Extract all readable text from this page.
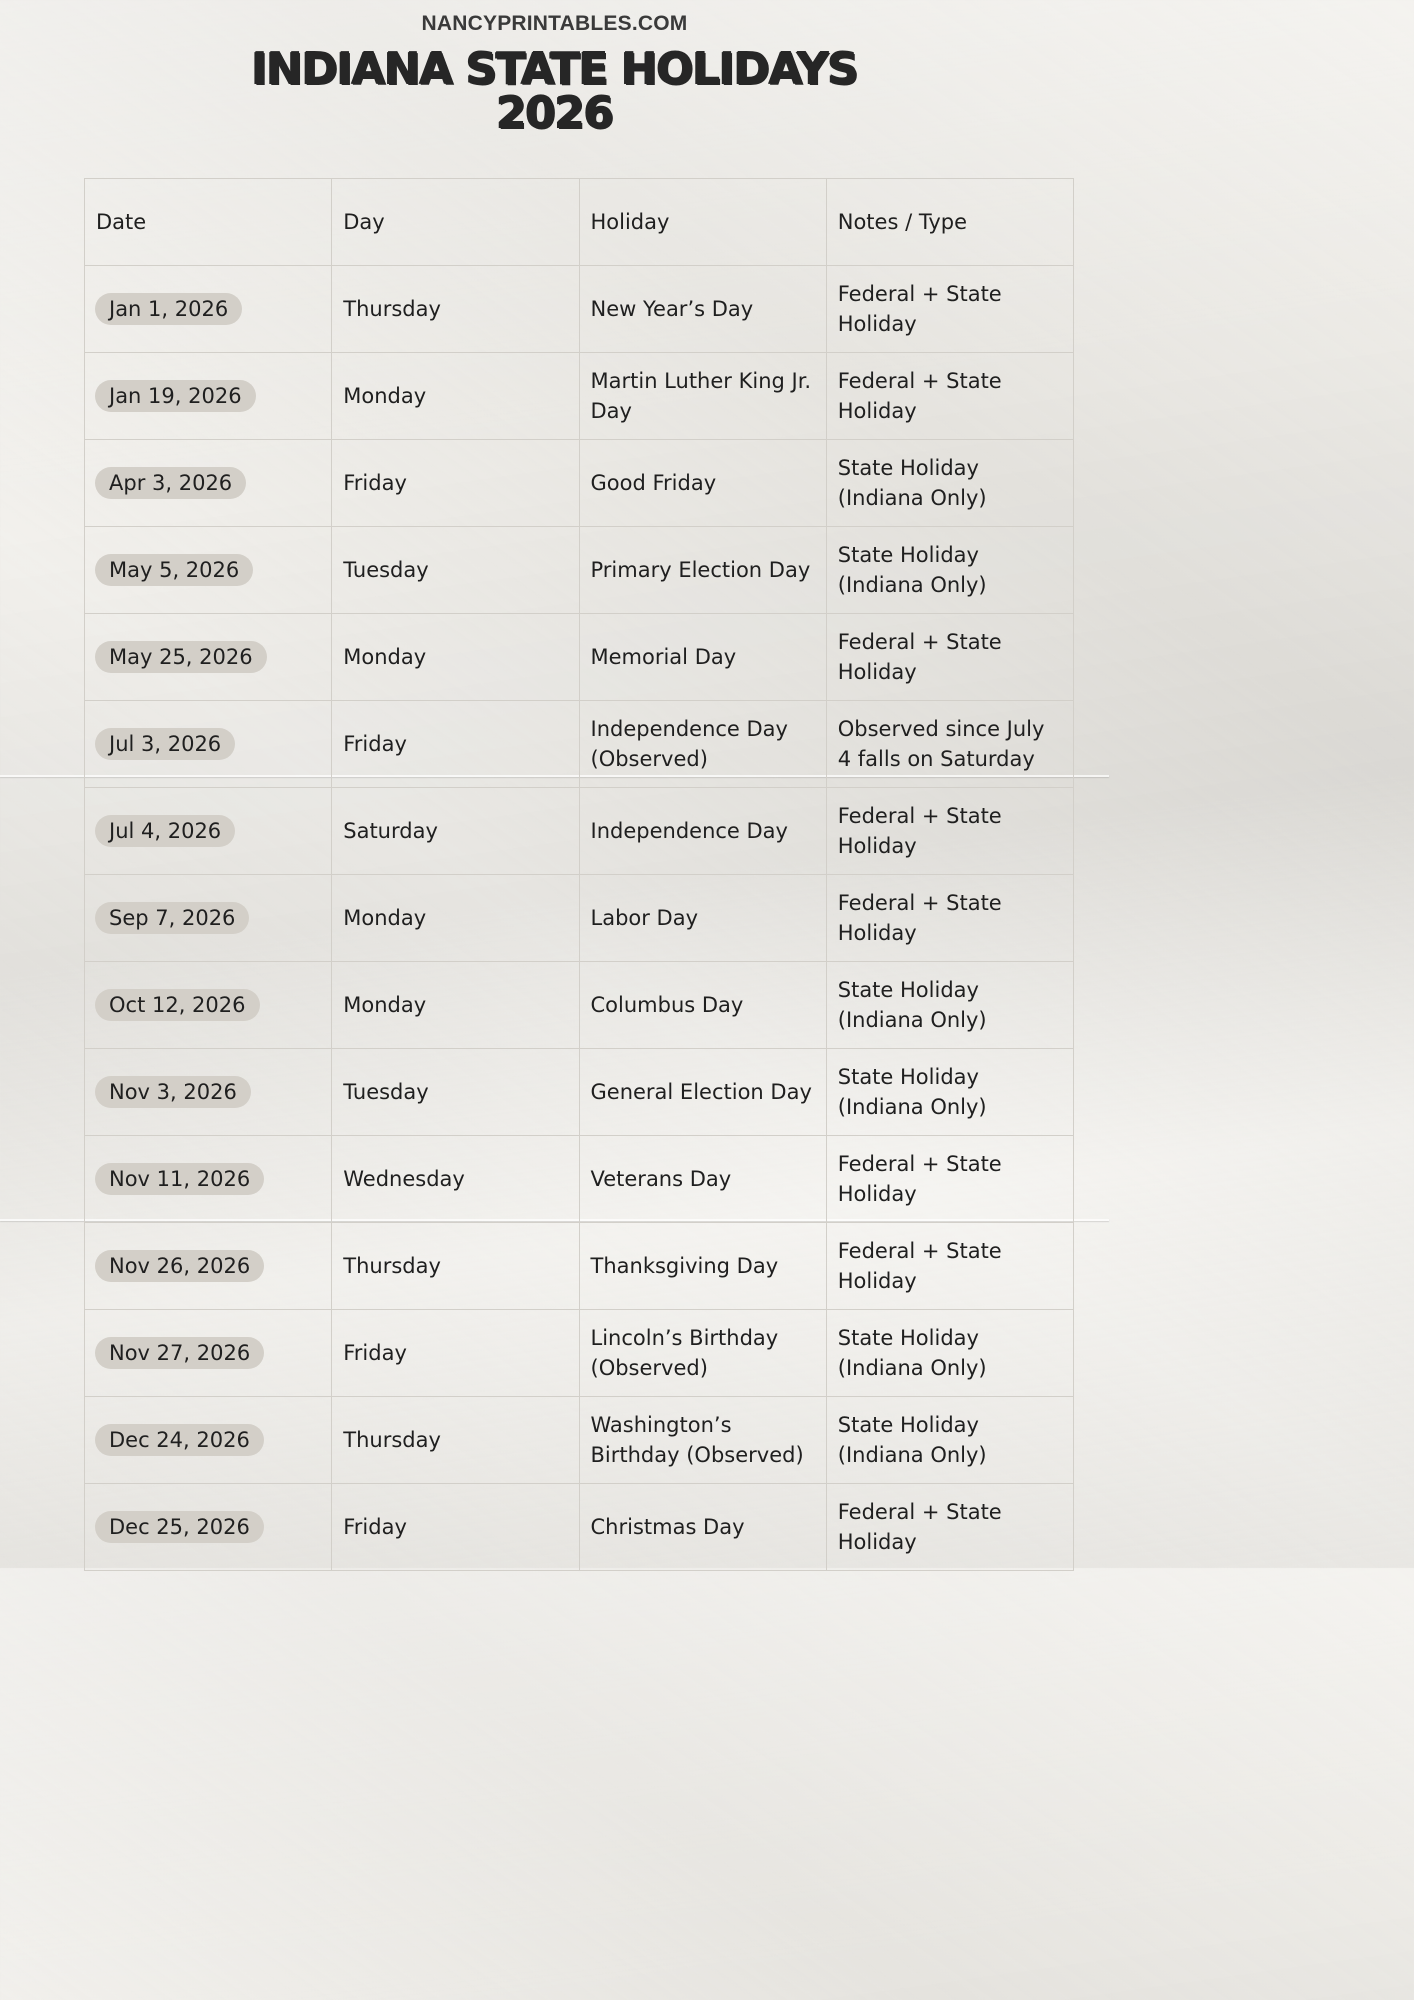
NANCYPRINTABLES.COM
INDIANA STATE HOLIDAYS
2026
Date	Day	Holiday	Notes / Type
Jan 1, 2026	Thursday	New Year’s Day	Federal + State Holiday
Jan 19, 2026	Monday	Martin Luther King Jr. Day	Federal + State Holiday
Apr 3, 2026	Friday	Good Friday	State Holiday (Indiana Only)
May 5, 2026	Tuesday	Primary Election Day	State Holiday (Indiana Only)
May 25, 2026	Monday	Memorial Day	Federal + State Holiday
Jul 3, 2026	Friday	Independence Day (Observed)	Observed since July 4 falls on Saturday
Jul 4, 2026	Saturday	Independence Day	Federal + State Holiday
Sep 7, 2026	Monday	Labor Day	Federal + State Holiday
Oct 12, 2026	Monday	Columbus Day	State Holiday (Indiana Only)
Nov 3, 2026	Tuesday	General Election Day	State Holiday (Indiana Only)
Nov 11, 2026	Wednesday	Veterans Day	Federal + State Holiday
Nov 26, 2026	Thursday	Thanksgiving Day	Federal + State Holiday
Nov 27, 2026	Friday	Lincoln’s Birthday (Observed)	State Holiday (Indiana Only)
Dec 24, 2026	Thursday	Washington’s Birthday (Observed)	State Holiday (Indiana Only)
Dec 25, 2026	Friday	Christmas Day	Federal + State Holiday
